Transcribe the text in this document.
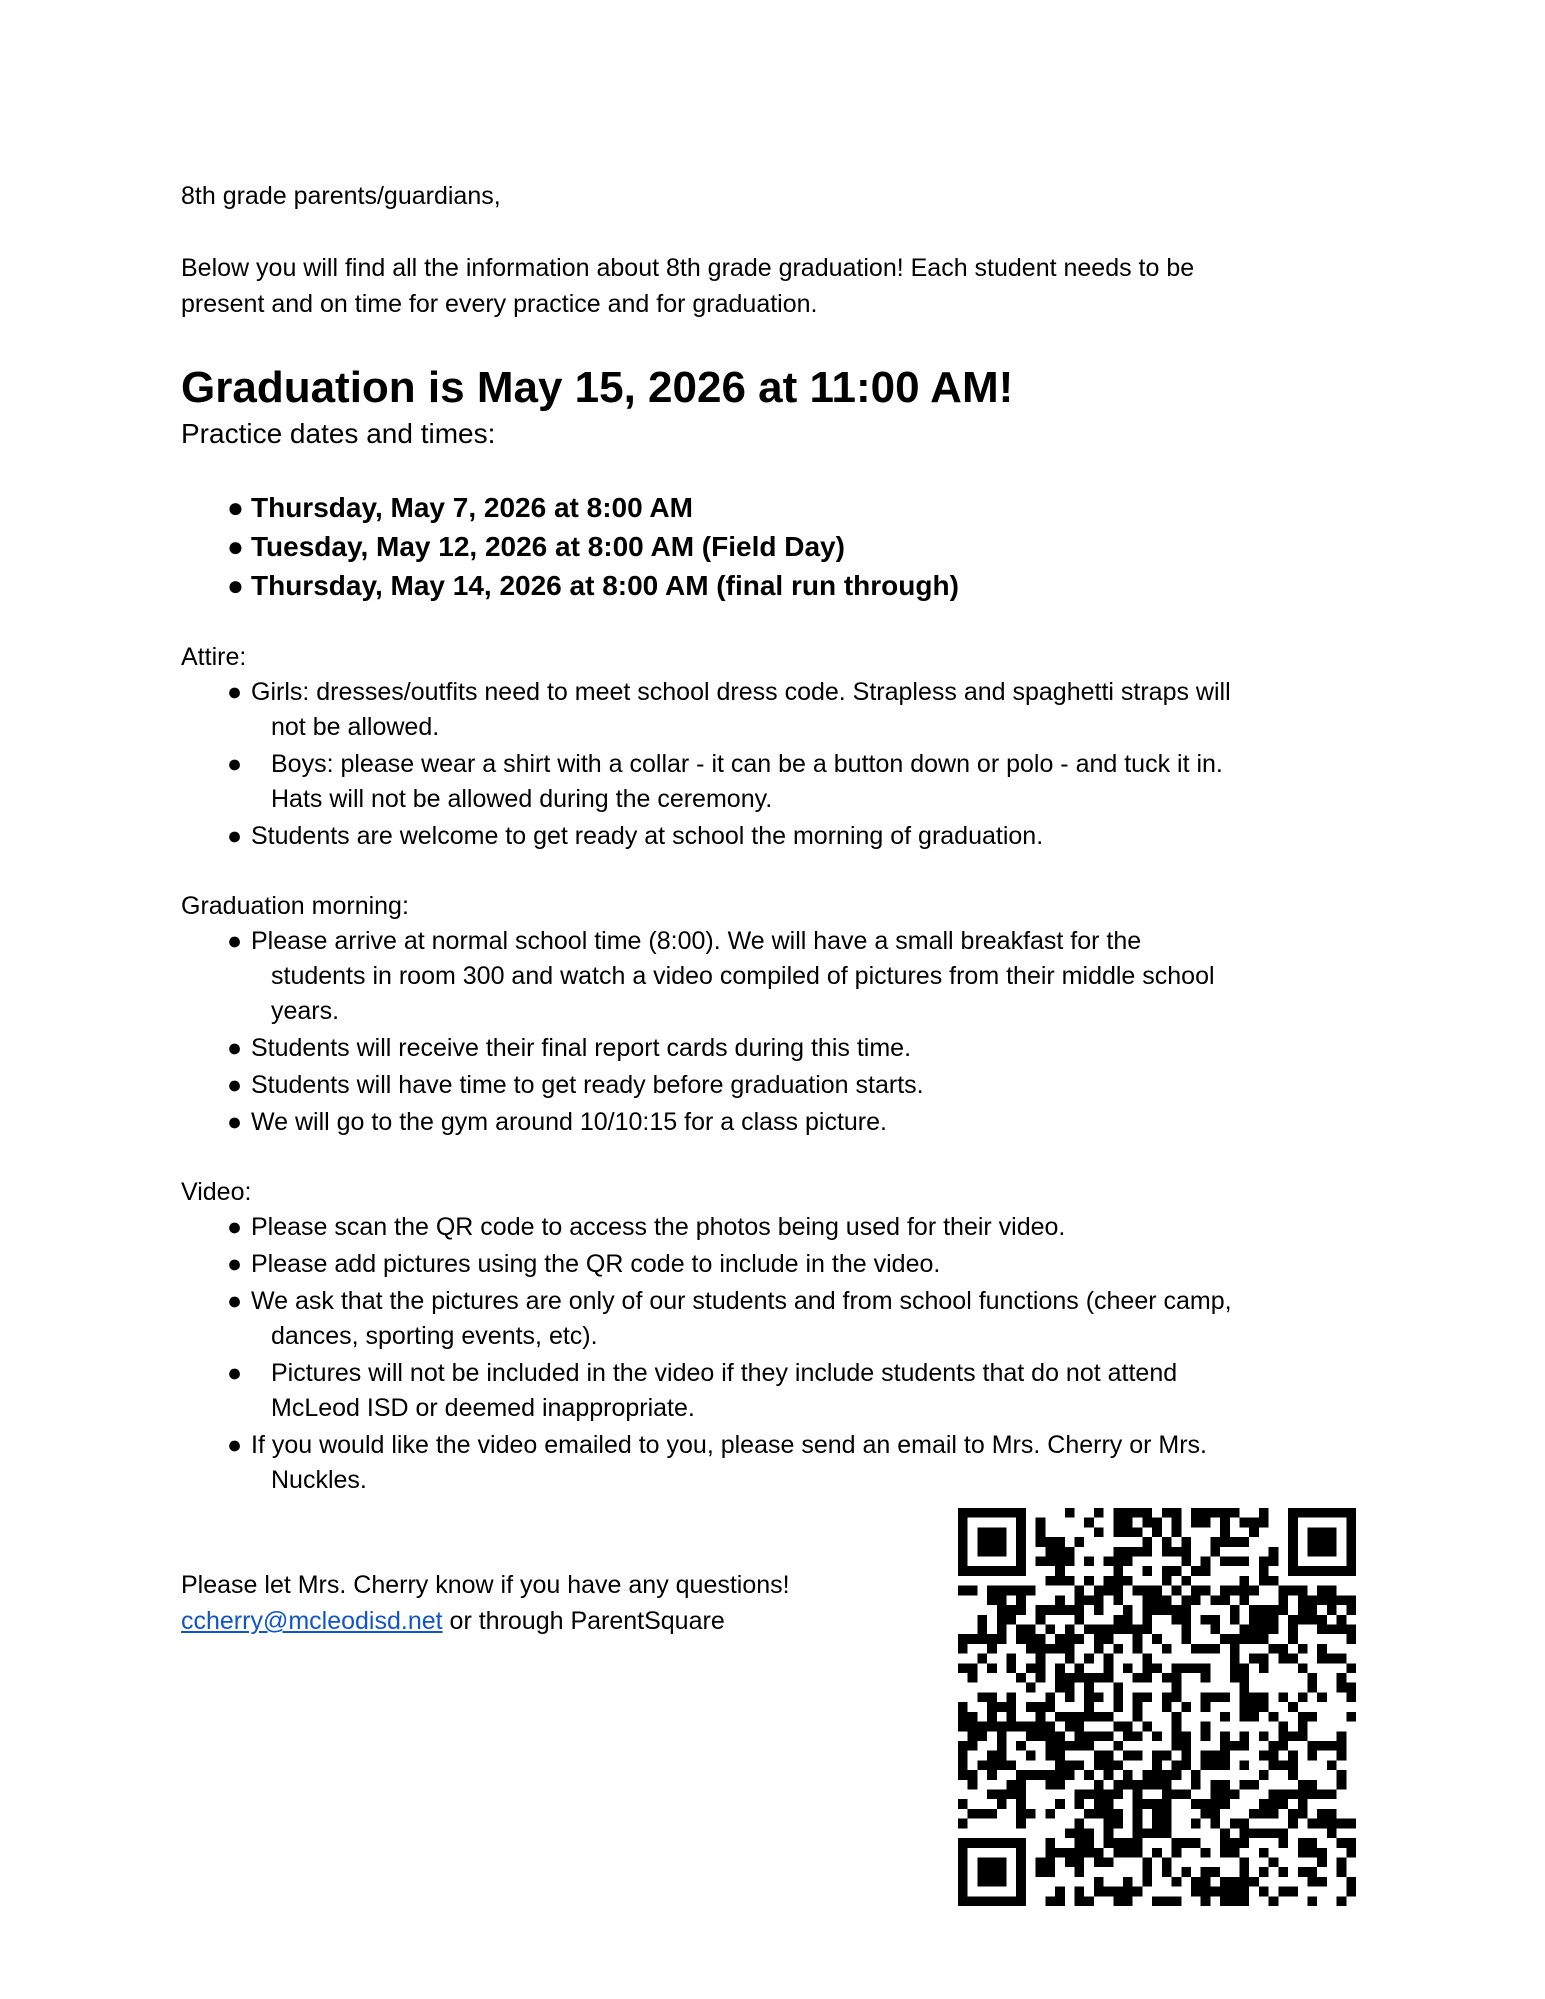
8th grade parents/guardians,

Below you will find all the information about 8th grade graduation! Each student needs to be

present and on time for every practice and for graduation.

Graduation is May 15, 2026 at 11:00 AM!

Practice dates and times:

● Thursday, May 7, 2026 at 8:00 AM
● Tuesday, May 12, 2026 at 8:00 AM (Field Day)
● Thursday, May 14, 2026 at 8:00 AM (final run through)

Attire:

● Girls: dresses/outfits need to meet school dress code. Strapless and spaghetti straps will
not be allowed.
● Boys: please wear a shirt with a collar - it can be a button down or polo - and tuck it in.
Hats will not be allowed during the ceremony.
● Students are welcome to get ready at school the morning of graduation.

Graduation morning:

● Please arrive at normal school time (8:00). We will have a small breakfast for the
students in room 300 and watch a video compiled of pictures from their middle school
years.
● Students will receive their final report cards during this time.
● Students will have time to get ready before graduation starts.
● We will go to the gym around 10/10:15 for a class picture.

Video:

● Please scan the QR code to access the photos being used for their video.
● Please add pictures using the QR code to include in the video.
● We ask that the pictures are only of our students and from school functions (cheer camp,
dances, sporting events, etc).
● Pictures will not be included in the video if they include students that do not attend
McLeod ISD or deemed inappropriate.
● If you would like the video emailed to you, please send an email to Mrs. Cherry or Mrs.
Nuckles.

Please let Mrs. Cherry know if you have any questions!

ccherry@mcleodisd.net or through ParentSquare
